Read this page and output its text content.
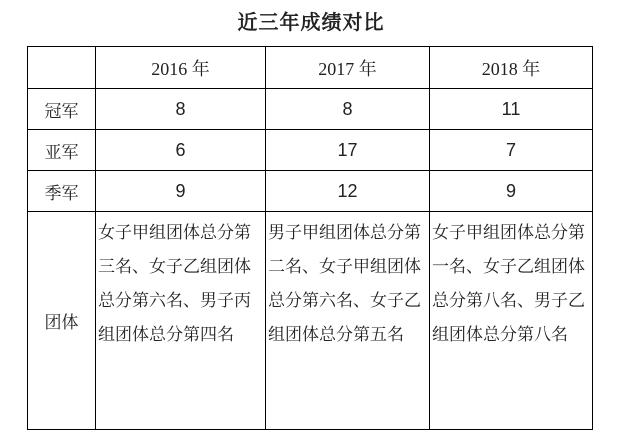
近三年成绩对比
	2016 年	2017 年	2018 年
冠军	8	8	11
亚军	6	17	7
季军	9	12	9
团体	女子甲组团体总分第三名、女子乙组团体总分第六名、男子丙组团体总分第四名	男子甲组团体总分第二名、女子甲组团体总分第六名、女子乙组团体总分第五名	女子甲组团体总分第一名、女子乙组团体总分第八名、男子乙组团体总分第八名
